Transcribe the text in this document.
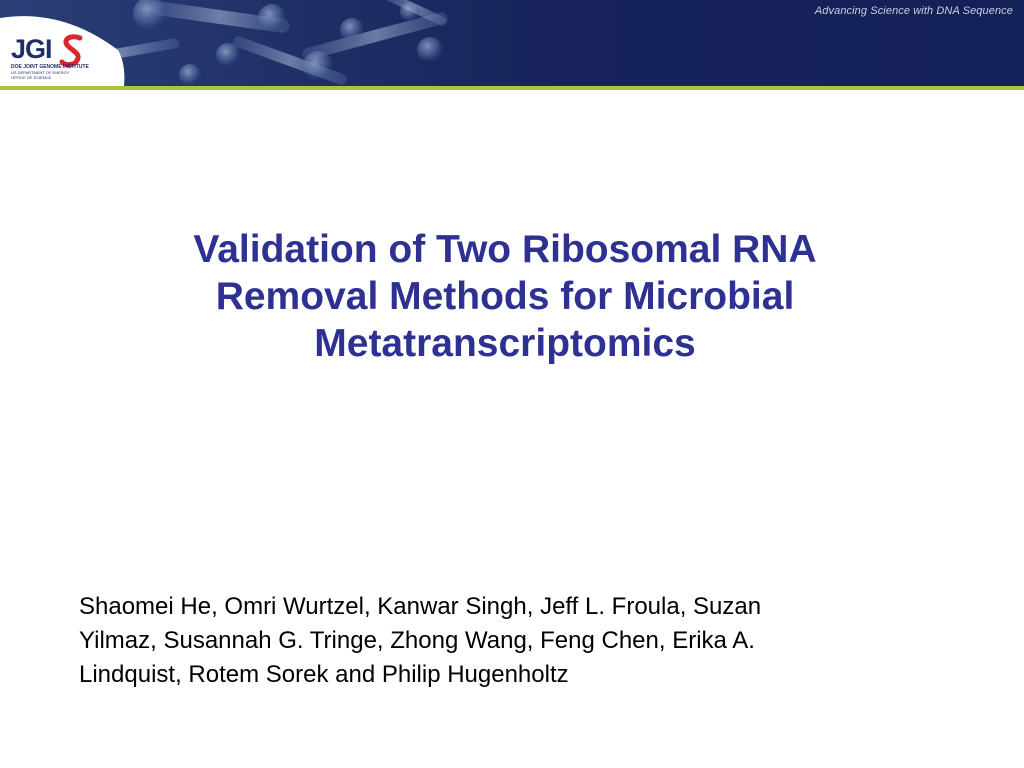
Advancing Science with DNA Sequence
JGI
DOE JOINT GENOME INSTITUTE
US DEPARTMENT OF ENERGY
OFFICE OF SCIENCE
Validation of Two Ribosomal RNA
Removal Methods for Microbial
Metatranscriptomics
Shaomei He, Omri Wurtzel, Kanwar Singh, Jeff L. Froula, Suzan
Yilmaz, Susannah G. Tringe, Zhong Wang, Feng Chen, Erika A.
Lindquist, Rotem Sorek and Philip Hugenholtz
